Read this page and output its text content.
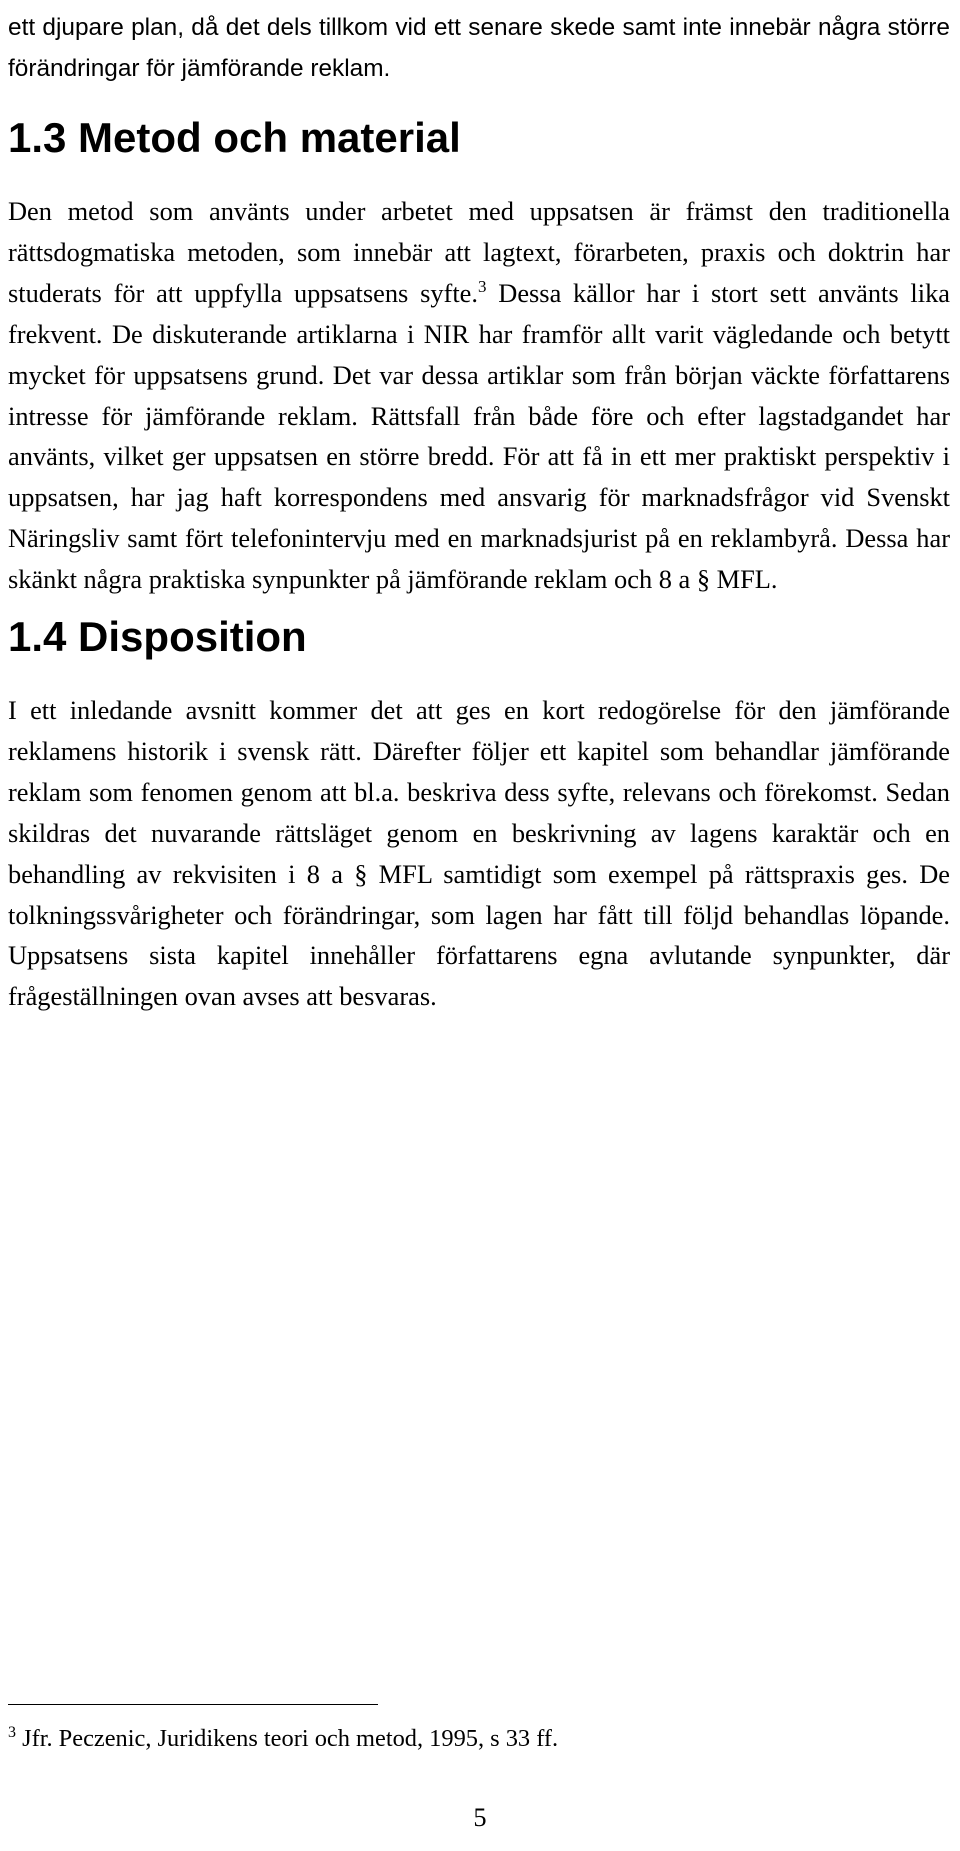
ett djupare plan, då det dels tillkom vid ett senare skede samt inte innebär några större förändringar för jämförande reklam.

1.3 Metod och material

Den metod som använts under arbetet med uppsatsen är främst den traditionella rättsdogmatiska metoden, som innebär att lagtext, förarbeten, praxis och doktrin har studerats för att uppfylla uppsatsens syfte.$^3$ Dessa källor har i stort sett använts lika frekvent. De diskuterande artiklarna i NIR har framför allt varit vägledande och betytt mycket för uppsatsens grund. Det var dessa artiklar som från början väckte författarens intresse för jämförande reklam. Rättsfall från både före och efter lagstadgandet har använts, vilket ger uppsatsen en större bredd. För att få in ett mer praktiskt perspektiv i uppsatsen, har jag haft korrespondens med ansvarig för marknadsfrågor vid Svenskt Näringsliv samt fört telefonintervju med en marknadsjurist på en reklambyrå. Dessa har skänkt några praktiska synpunkter på jämförande reklam och 8 a § MFL.

1.4 Disposition

I ett inledande avsnitt kommer det att ges en kort redogörelse för den jämförande reklamens historik i svensk rätt. Därefter följer ett kapitel som behandlar jämförande reklam som fenomen genom att bl.a. beskriva dess syfte, relevans och förekomst. Sedan skildras det nuvarande rättsläget genom en beskrivning av lagens karaktär och en behandling av rekvisiten i 8 a § MFL samtidigt som exempel på rättspraxis ges. De tolkningssvårigheter och förändringar, som lagen har fått till följd behandlas löpande. Uppsatsens sista kapitel innehåller författarens egna avlutande synpunkter, där frågeställningen ovan avses att besvaras.

$^3$ Jfr. Peczenic, Juridikens teori och metod, 1995, s 33 ff.
5
